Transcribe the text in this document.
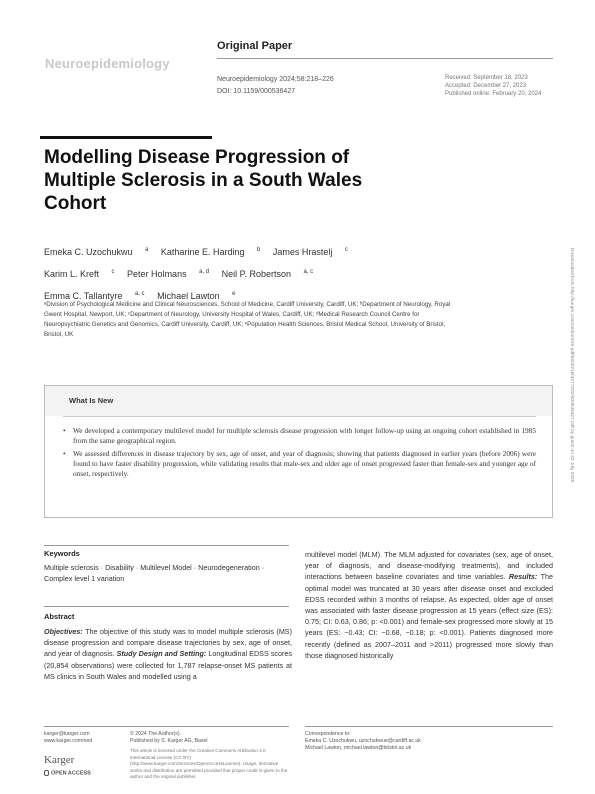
Neuroepidemiology
Original Paper
Neuroepidemiology 2024;58:218–226
DOI: 10.1159/000536427
Received: September 18, 2023
Accepted: December 27, 2023
Published online: February 20, 2024
Modelling Disease Progression of Multiple Sclerosis in a South Wales Cohort
Emeka C. Uzochukwu $^a$ Katharine E. Harding $^b$ James Hrastelj $^c$
Karim L. Kreft $^c$ Peter Holmans $^{a, d}$ Neil P. Robertson $^{a, c}$
Emma C. Tallantyre $^{a, c}$ Michael Lawton $^e$
ᵃDivision of Psychological Medicine and Clinical Neurosciences, School of Medicine, Cardiff University, Cardiff, UK; ᵇDepartment of Neurology, Royal Gwent Hospital, Newport, UK; ᶜDepartment of Neurology, University Hospital of Wales, Cardiff, UK; ᵈMedical Research Council Centre for Neuropsychiatric Genetics and Genomics, Cardiff University, Cardiff, UK; ᵉPopulation Health Sciences, Bristol Medical School, University of Bristol, Bristol, UK	Downloaded from http://karger.com/ned/article-pdf/58/3/218/4277202/000536427.pdf by guest on 22 July 2025
What Is New
• We developed a contemporary multilevel model for multiple sclerosis disease progression with longer follow-up using an ongoing cohort established in 1985 from the same geographical region.
• We assessed differences in disease trajectory by sex, age of onset, and year of diagnosis; showing that patients diagnosed in earlier years (before 2006) were found to have faster disability progression, while validating results that male-sex and older age of onset progressed faster than female-sex and younger age of onset, respectively.
Keywords
Multiple sclerosis · Disability · Multilevel Model · Neurodegeneration · Complex level 1 variation
Abstract
Objectives: The objective of this study was to model multiple sclerosis (MS) disease progression and compare disease trajectories by sex, age of onset, and year of diagnosis. Study Design and Setting: Longitudinal EDSS scores (20,854 observations) were collected for 1,787 relapse-onset MS patients at MS clinics in South Wales and modelled using a
multilevel model (MLM). The MLM adjusted for covariates (sex, age of onset, year of diagnosis, and disease-modifying treatments), and included interactions between baseline covariates and time variables. Results: The optimal model was truncated at 30 years after disease onset and excluded EDSS recorded within 3 months of relapse. As expected, older age of onset was associated with faster disease progression at 15 years (effect size (ES): 0.75; CI: 0.63, 0.86; p: <0.001) and female-sex progressed more slowly at 15 years (ES: −0.43; CI: −0.68, −0.18; p: <0.001). Patients diagnosed more recently (defined as 2007–2011 and >2011) progressed more slowly than those diagnosed historically
karger@karger.com
www.karger.com/ned
© 2024 The Author(s).
Published by S. Karger AG, Basel
This article is licensed under the Creative Commons Attribution 4.0 International License (CC BY) (http://www.karger.com/Services/OpenAccessLicense). Usage, derivative works and distribution are permitted provided that proper credit is given to the author and the original publisher.
Correspondence to:
Emeka C. Uzochukwu, uzochukwue@cardiff.ac.uk
Michael Lawton, michael.lawton@bristol.ac.uk
Karger
OPEN ACCESS
